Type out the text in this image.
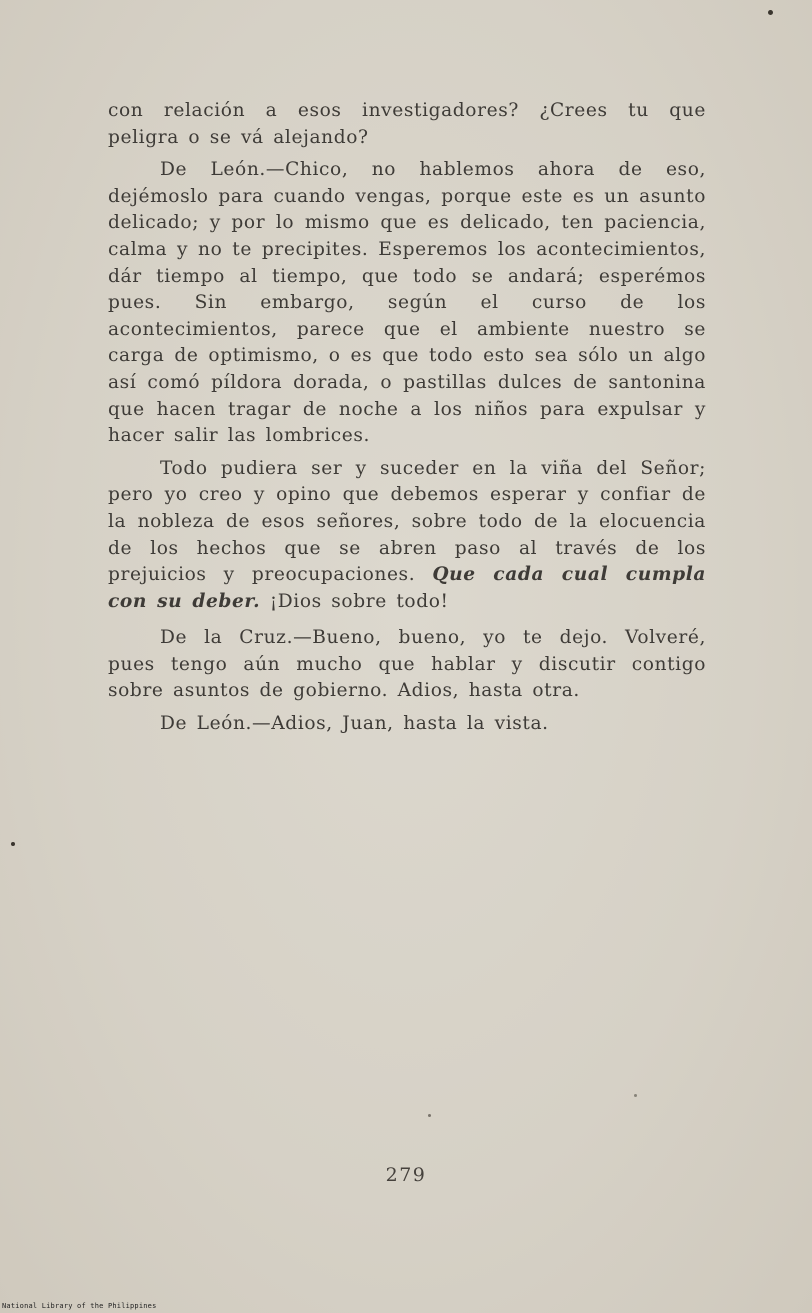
con relación a esos investigadores? ¿Crees tu que peligra o se vá alejando?

De León.—Chico, no hablemos ahora de eso, dejémoslo para cuando vengas, porque este es un asunto delicado; y por lo mismo que es delicado, ten paciencia, calma y no te precipites. Esperemos los acontecimientos, dár tiempo al tiempo, que todo se andará; esperémos pues. Sin embargo, según el curso de los acontecimientos, parece que el ambiente nuestro se carga de optimismo, o es que todo esto sea sólo un algo así comó píldora dorada, o pastillas dulces de santonina que hacen tragar de noche a los niños para expulsar y hacer salir las lombrices.

Todo pudiera ser y suceder en la viña del Señor; pero yo creo y opino que debemos esperar y confiar de la nobleza de esos señores, sobre todo de la elocuencia de los hechos que se abren paso al través de los prejuicios y preocupaciones. Que cada cual cumpla con su deber. ¡Dios sobre todo!

De la Cruz.—Bueno, bueno, yo te dejo. Volveré, pues tengo aún mucho que hablar y discutir contigo sobre asuntos de gobierno. Adios, hasta otra.

De León.—Adios, Juan, hasta la vista.

279
National Library of the Philippines
